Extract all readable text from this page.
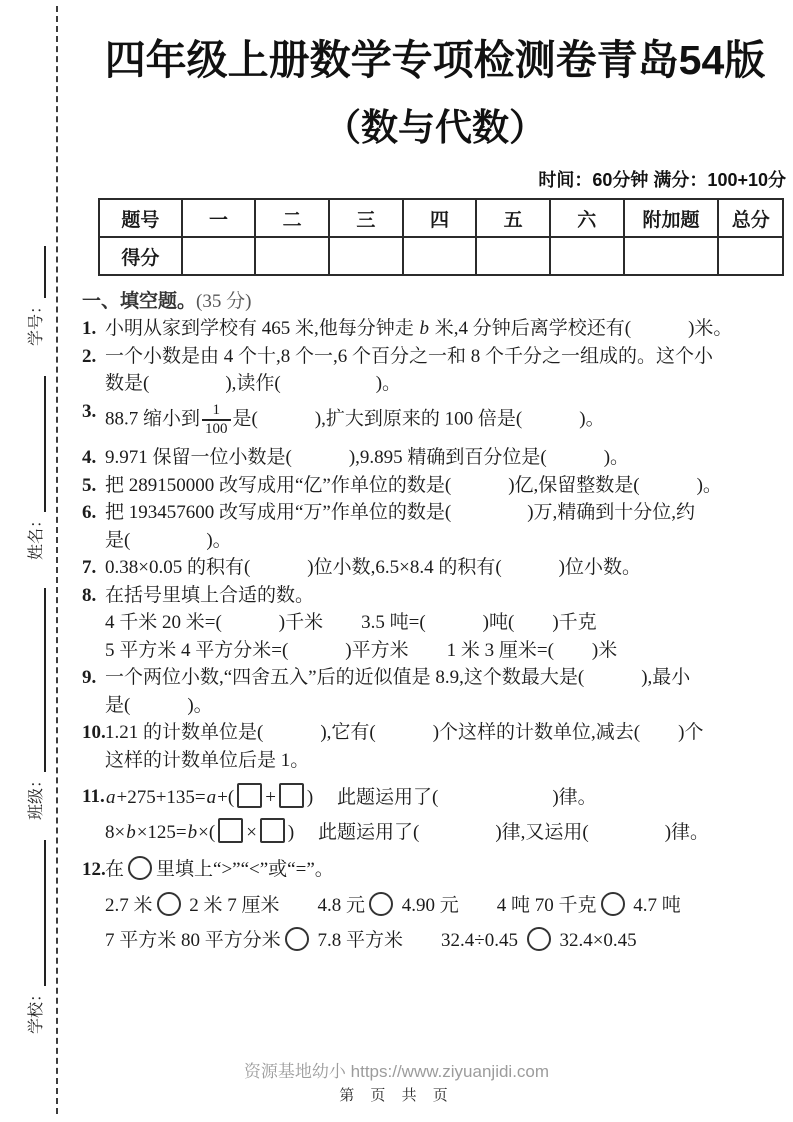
学校：
班级：
姓名：
学号：
四年级上册数学专项检测卷青岛54版
（数与代数）
时间：60分钟 满分：100+10分
题号	一	二	三	四	五	六	附加题	总分
得分								
一、填空题。(35 分)
1. 小明从家到学校有 465 米,他每分钟走 b 米,4 分钟后离学校还有(　　　)米。
2. 一个小数是由 4 个十,8 个一,6 个百分之一和 8 个千分之一组成的。这个小
数是(　　　　),读作(　　　　　)。
3. 88.7 缩小到 $\frac{1}{100}$ 是(　　　),扩大到原来的 100 倍是(　　　)。
4. 9.971 保留一位小数是(　　　),9.895 精确到百分位是(　　　)。
5. 把 289150000 改写成用“亿”作单位的数是(　　　)亿,保留整数是(　　　)。
6. 把 193457600 改写成用“万”作单位的数是(　　　　)万,精确到十分位,约
是(　　　　)。
7. 0.38×0.05 的积有(　　　)位小数,6.5×8.4 的积有(　　　)位小数。
8. 在括号里填上合适的数。
4 千米 20 米=(　　　)千米　　3.5 吨=(　　　)吨(　　)千克
5 平方米 4 平方分米=(　　　)平方米　　1 米 3 厘米=(　　)米
9. 一个两位小数,“四舍五入”后的近似值是 8.9,这个数最大是(　　　),最小
是(　　　)。
10. 1.21 的计数单位是(　　　),它有(　　　)个这样的计数单位,减去(　　)个
这样的计数单位后是 1。
11. a+275+135=a+( + )　 此题运用了(　　　　　　)律。
8×b×125=b×( × )　 此题运用了(　　　　)律,又运用(　　　　)律。
12. 在 里填上“>”“<”或“=”。
2.7 米 2 米 7 厘米　　4.8 元 4.90 元　　4 吨 70 千克 4.7 吨
7 平方米 80 平方分米 7.8 平方米　　32.4÷0.45  32.4×0.45
资源基地幼小 https://www.ziyuanjidi.com
第 页 共 页
